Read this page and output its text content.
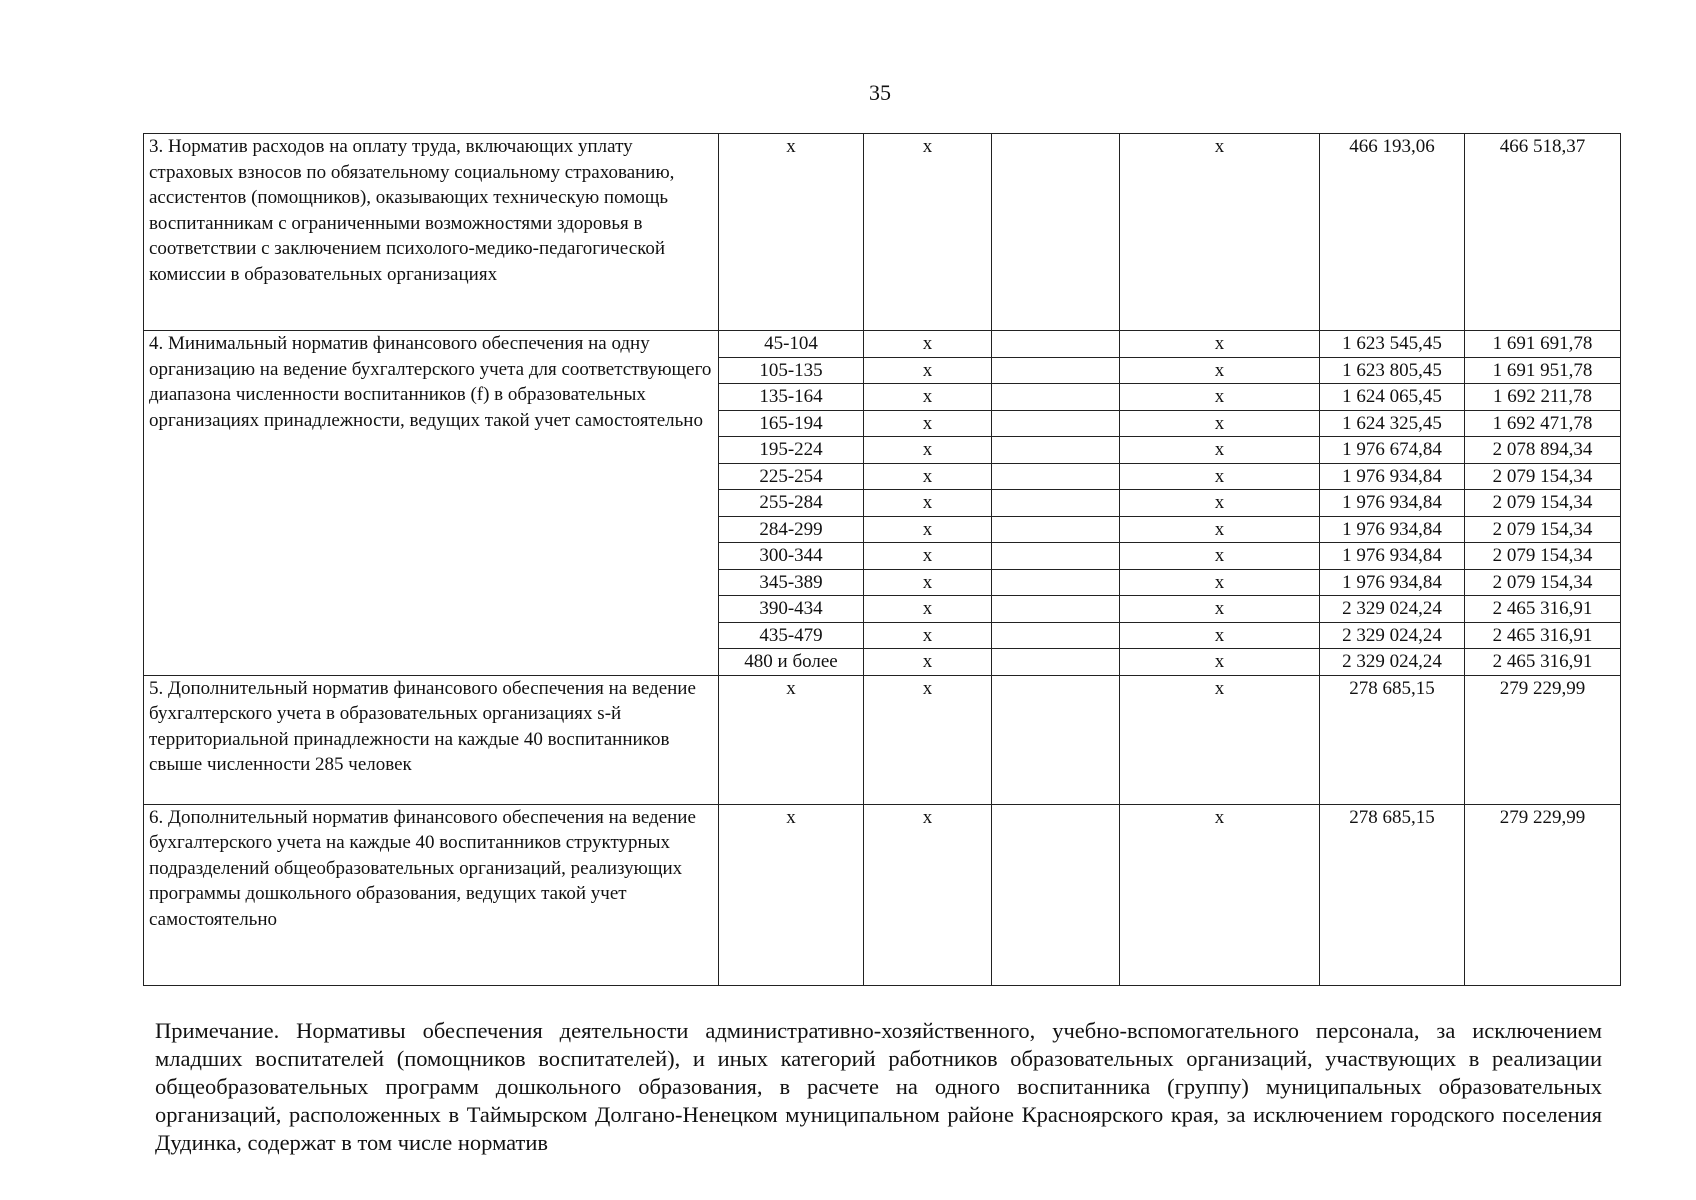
35
3. Норматив расходов на оплату труда, включающих уплату страховых взносов по обязательному социальному страхованию, ассистентов (помощников), оказывающих техническую помощь воспитанникам с ограниченными возможностями здоровья в соответствии с заключением психолого-медико-педагогической комиссии в образовательных организациях	x	x		x	466 193,06	466 518,37
4. Минимальный норматив финансового обеспечения на одну организацию на ведение бухгалтерского учета для соответствующего диапазона численности воспитанников (f) в образовательных организациях принадлежности, ведущих такой учет самостоятельно	45-104	x		x	1 623 545,45	1 691 691,78
	105-135	x		x	1 623 805,45	1 691 951,78
	135-164	x		x	1 624 065,45	1 692 211,78
	165-194	x		x	1 624 325,45	1 692 471,78
	195-224	x		x	1 976 674,84	2 078 894,34
	225-254	x		x	1 976 934,84	2 079 154,34
	255-284	x		x	1 976 934,84	2 079 154,34
	284-299	x		x	1 976 934,84	2 079 154,34
	300-344	x		x	1 976 934,84	2 079 154,34
	345-389	x		x	1 976 934,84	2 079 154,34
	390-434	x		x	2 329 024,24	2 465 316,91
	435-479	x		x	2 329 024,24	2 465 316,91
	480 и более	x		x	2 329 024,24	2 465 316,91
5. Дополнительный норматив финансового обеспечения на ведение бухгалтерского учета в образовательных организациях s-й территориальной принадлежности на каждые 40 воспитанников свыше численности 285 человек	x	x		x	278 685,15	279 229,99
6. Дополнительный норматив финансового обеспечения на ведение бухгалтерского учета на каждые 40 воспитанников структурных подразделений общеобразовательных организаций, реализующих программы дошкольного образования, ведущих такой учет самостоятельно	x	x		x	278 685,15	279 229,99
Примечание. Нормативы обеспечения деятельности административно-хозяйственного, учебно-вспомогательного персонала, за исключением младших воспитателей (помощников воспитателей), и иных категорий работников образовательных организаций, участвующих в реализации общеобразовательных программ дошкольного образования, в расчете на одного воспитанника (группу) муниципальных образовательных организаций, расположенных в Таймырском Долгано-Ненецком муниципальном районе Красноярского края, за исключением городского поселения Дудинка, содержат в том числе норматив
